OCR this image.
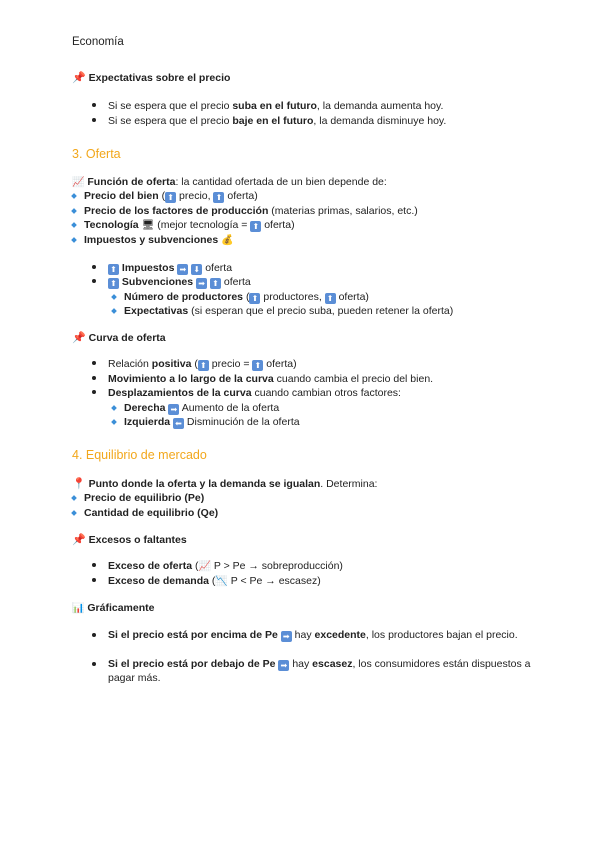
Economía
📌 Expectativas sobre el precio
Si se espera que el precio suba en el futuro, la demanda aumenta hoy.
Si se espera que el precio baje en el futuro, la demanda disminuye hoy.
3. Oferta
📈 Función de oferta: la cantidad ofertada de un bien depende de:
Precio del bien ( ⬆ precio, ⬆ oferta)
Precio de los factores de producción (materias primas, salarios, etc.)
Tecnología 🖥 (mejor tecnología = ⬆ oferta)
Impuestos y subvenciones 💰
⬆ Impuestos ➡ ⬇ oferta
⬆ Subvenciones ➡ ⬆ oferta
Número de productores ( ⬆ productores, ⬆ oferta)
Expectativas (si esperan que el precio suba, pueden retener la oferta)
📌 Curva de oferta
Relación positiva ( ⬆ precio = ⬆ oferta)
Movimiento a lo largo de la curva cuando cambia el precio del bien.
Desplazamientos de la curva cuando cambian otros factores:
Derecha ➡ Aumento de la oferta
Izquierda ⬅ Disminución de la oferta
4. Equilibrio de mercado
📍 Punto donde la oferta y la demanda se igualan. Determina:
Precio de equilibrio (Pe)
Cantidad de equilibrio (Qe)
📌 Excesos o faltantes
Exceso de oferta (📈 P > Pe → sobreproducción)
Exceso de demanda (📉 P < Pe → escasez)
📊 Gráficamente
Si el precio está por encima de Pe ➡ hay excedente, los productores bajan el precio.
Si el precio está por debajo de Pe ➡ hay escasez, los consumidores están dispuestos a pagar más.
